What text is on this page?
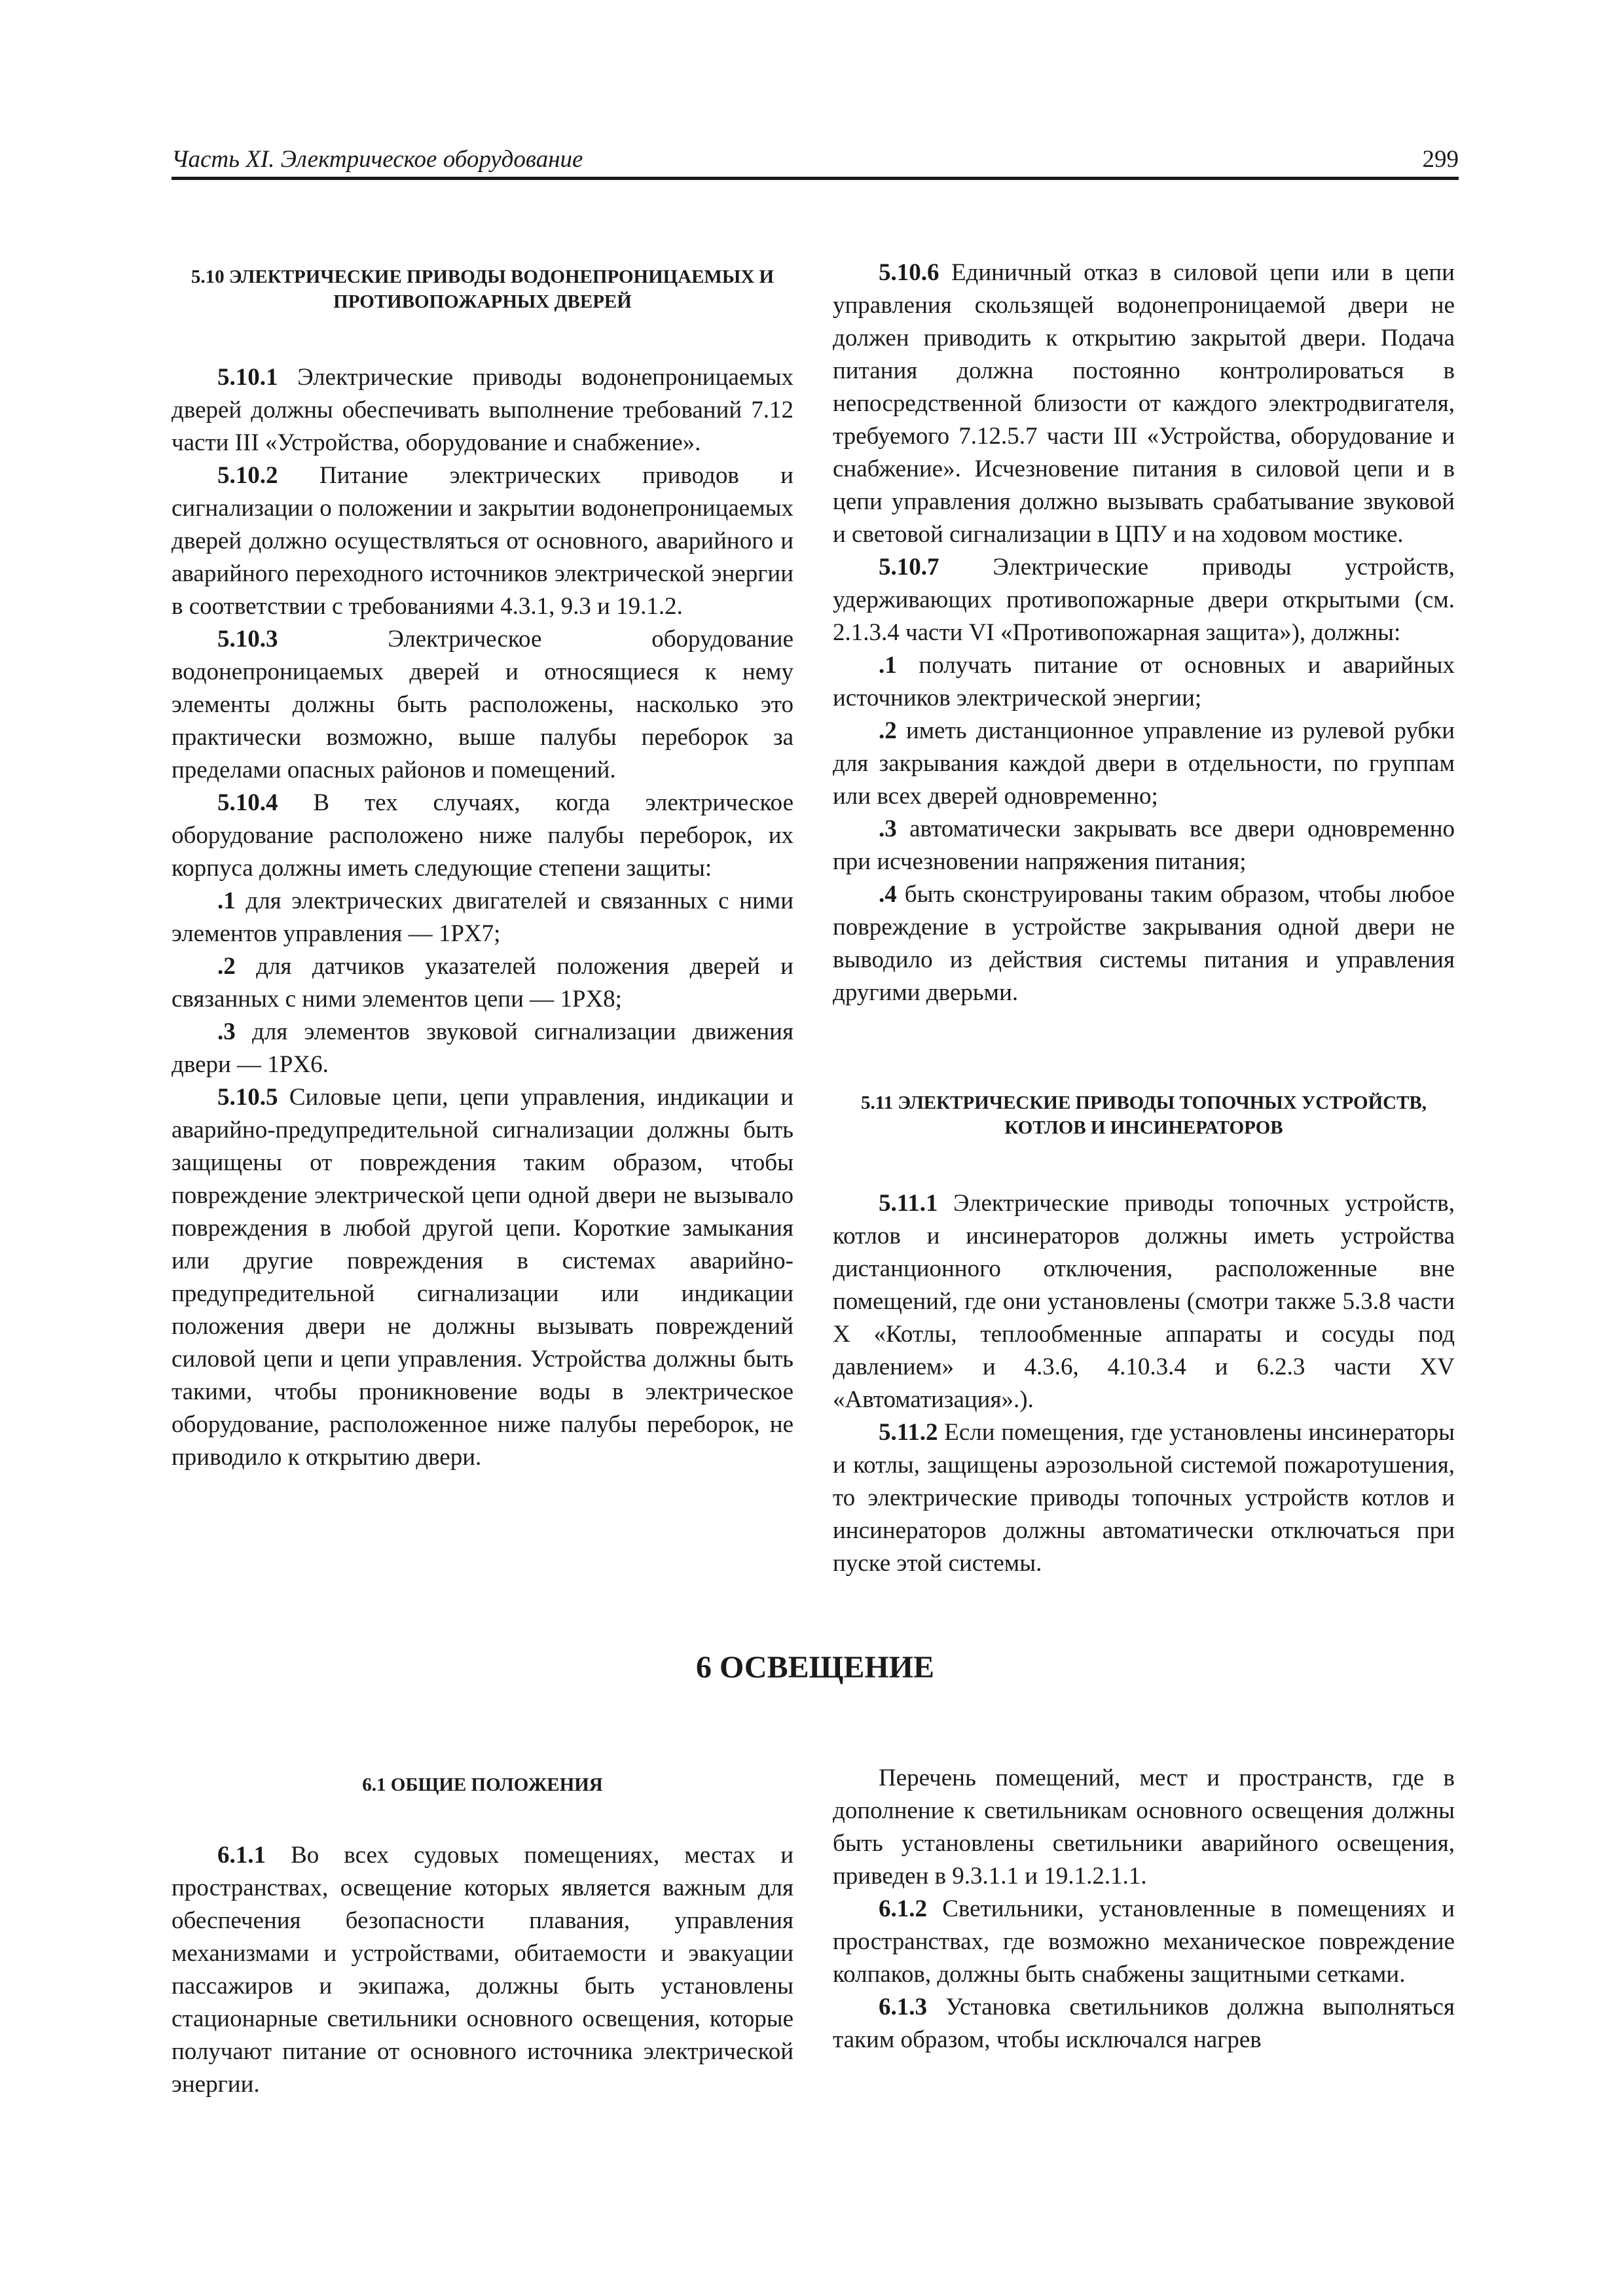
Часть XI. Электрическое оборудование	299

5.10 ЭЛЕКТРИЧЕСКИЕ ПРИВОДЫ ВОДОНЕПРОНИЦАЕМЫХ И ПРОТИВОПОЖАРНЫХ ДВЕРЕЙ

5.10.1 Электрические приводы водонепроницаемых дверей должны обеспечивать выполнение требований 7.12 части III «Устройства, оборудование и снабжение».

5.10.2 Питание электрических приводов и сигнализации о положении и закрытии водонепроницаемых дверей должно осуществляться от основного, аварийного и аварийного переходного источников электрической энергии в соответствии с требованиями 4.3.1, 9.3 и 19.1.2.

5.10.3 Электрическое оборудование водонепроницаемых дверей и относящиеся к нему элементы должны быть расположены, насколько это практически возможно, выше палубы переборок за пределами опасных районов и помещений.

5.10.4 В тех случаях, когда электрическое оборудование расположено ниже палубы переборок, их корпуса должны иметь следующие степени защиты:

.1 для электрических двигателей и связанных с ними элементов управления — 1PX7;

.2 для датчиков указателей положения дверей и связанных с ними элементов цепи — 1PX8;

.3 для элементов звуковой сигнализации движения двери — 1PX6.

5.10.5 Силовые цепи, цепи управления, индикации и аварийно-предупредительной сигнализации должны быть защищены от повреждения таким образом, чтобы повреждение электрической цепи одной двери не вызывало повреждения в любой другой цепи. Короткие замыкания или другие повреждения в системах аварийно-предупредительной сигнализации или индикации положения двери не должны вызывать повреждений силовой цепи и цепи управления. Устройства должны быть такими, чтобы проникновение воды в электрическое оборудование, расположенное ниже палубы переборок, не приводило к открытию двери.

5.10.6 Единичный отказ в силовой цепи или в цепи управления скользящей водонепроницаемой двери не должен приводить к открытию закрытой двери. Подача питания должна постоянно контролироваться в непосредственной близости от каждого электродвигателя, требуемого 7.12.5.7 части III «Устройства, оборудование и снабжение». Исчезновение питания в силовой цепи и в цепи управления должно вызывать срабатывание звуковой и световой сигнализации в ЦПУ и на ходовом мостике.

5.10.7 Электрические приводы устройств, удерживающих противопожарные двери открытыми (см. 2.1.3.4 части VI «Противопожарная защита»), должны:

.1 получать питание от основных и аварийных источников электрической энергии;

.2 иметь дистанционное управление из рулевой рубки для закрывания каждой двери в отдельности, по группам или всех дверей одновременно;

.3 автоматически закрывать все двери одновременно при исчезновении напряжения питания;

.4 быть сконструированы таким образом, чтобы любое повреждение в устройстве закрывания одной двери не выводило из действия системы питания и управления другими дверьми.

5.11 ЭЛЕКТРИЧЕСКИЕ ПРИВОДЫ ТОПОЧНЫХ УСТРОЙСТВ, КОТЛОВ И ИНСИНЕРАТОРОВ

5.11.1 Электрические приводы топочных устройств, котлов и инсинераторов должны иметь устройства дистанционного отключения, расположенные вне помещений, где они установлены (смотри также 5.3.8 части X «Котлы, теплообменные аппараты и сосуды под давлением» и 4.3.6, 4.10.3.4 и 6.2.3 части XV «Автоматизация».).

5.11.2 Если помещения, где установлены инсинераторы и котлы, защищены аэрозольной системой пожаротушения, то электрические приводы топочных устройств котлов и инсинераторов должны автоматически отключаться при пуске этой системы.

6 ОСВЕЩЕНИЕ

6.1 ОБЩИЕ ПОЛОЖЕНИЯ

6.1.1 Во всех судовых помещениях, местах и пространствах, освещение которых является важным для обеспечения безопасности плавания, управления механизмами и устройствами, обитаемости и эвакуации пассажиров и экипажа, должны быть установлены стационарные светильники основного освещения, которые получают питание от основного источника электрической энергии.

Перечень помещений, мест и пространств, где в дополнение к светильникам основного освещения должны быть установлены светильники аварийного освещения, приведен в 9.3.1.1 и 19.1.2.1.1.

6.1.2 Светильники, установленные в помещениях и пространствах, где возможно механическое повреждение колпаков, должны быть снабжены защитными сетками.

6.1.3 Установка светильников должна выполняться таким образом, чтобы исключался нагрев
